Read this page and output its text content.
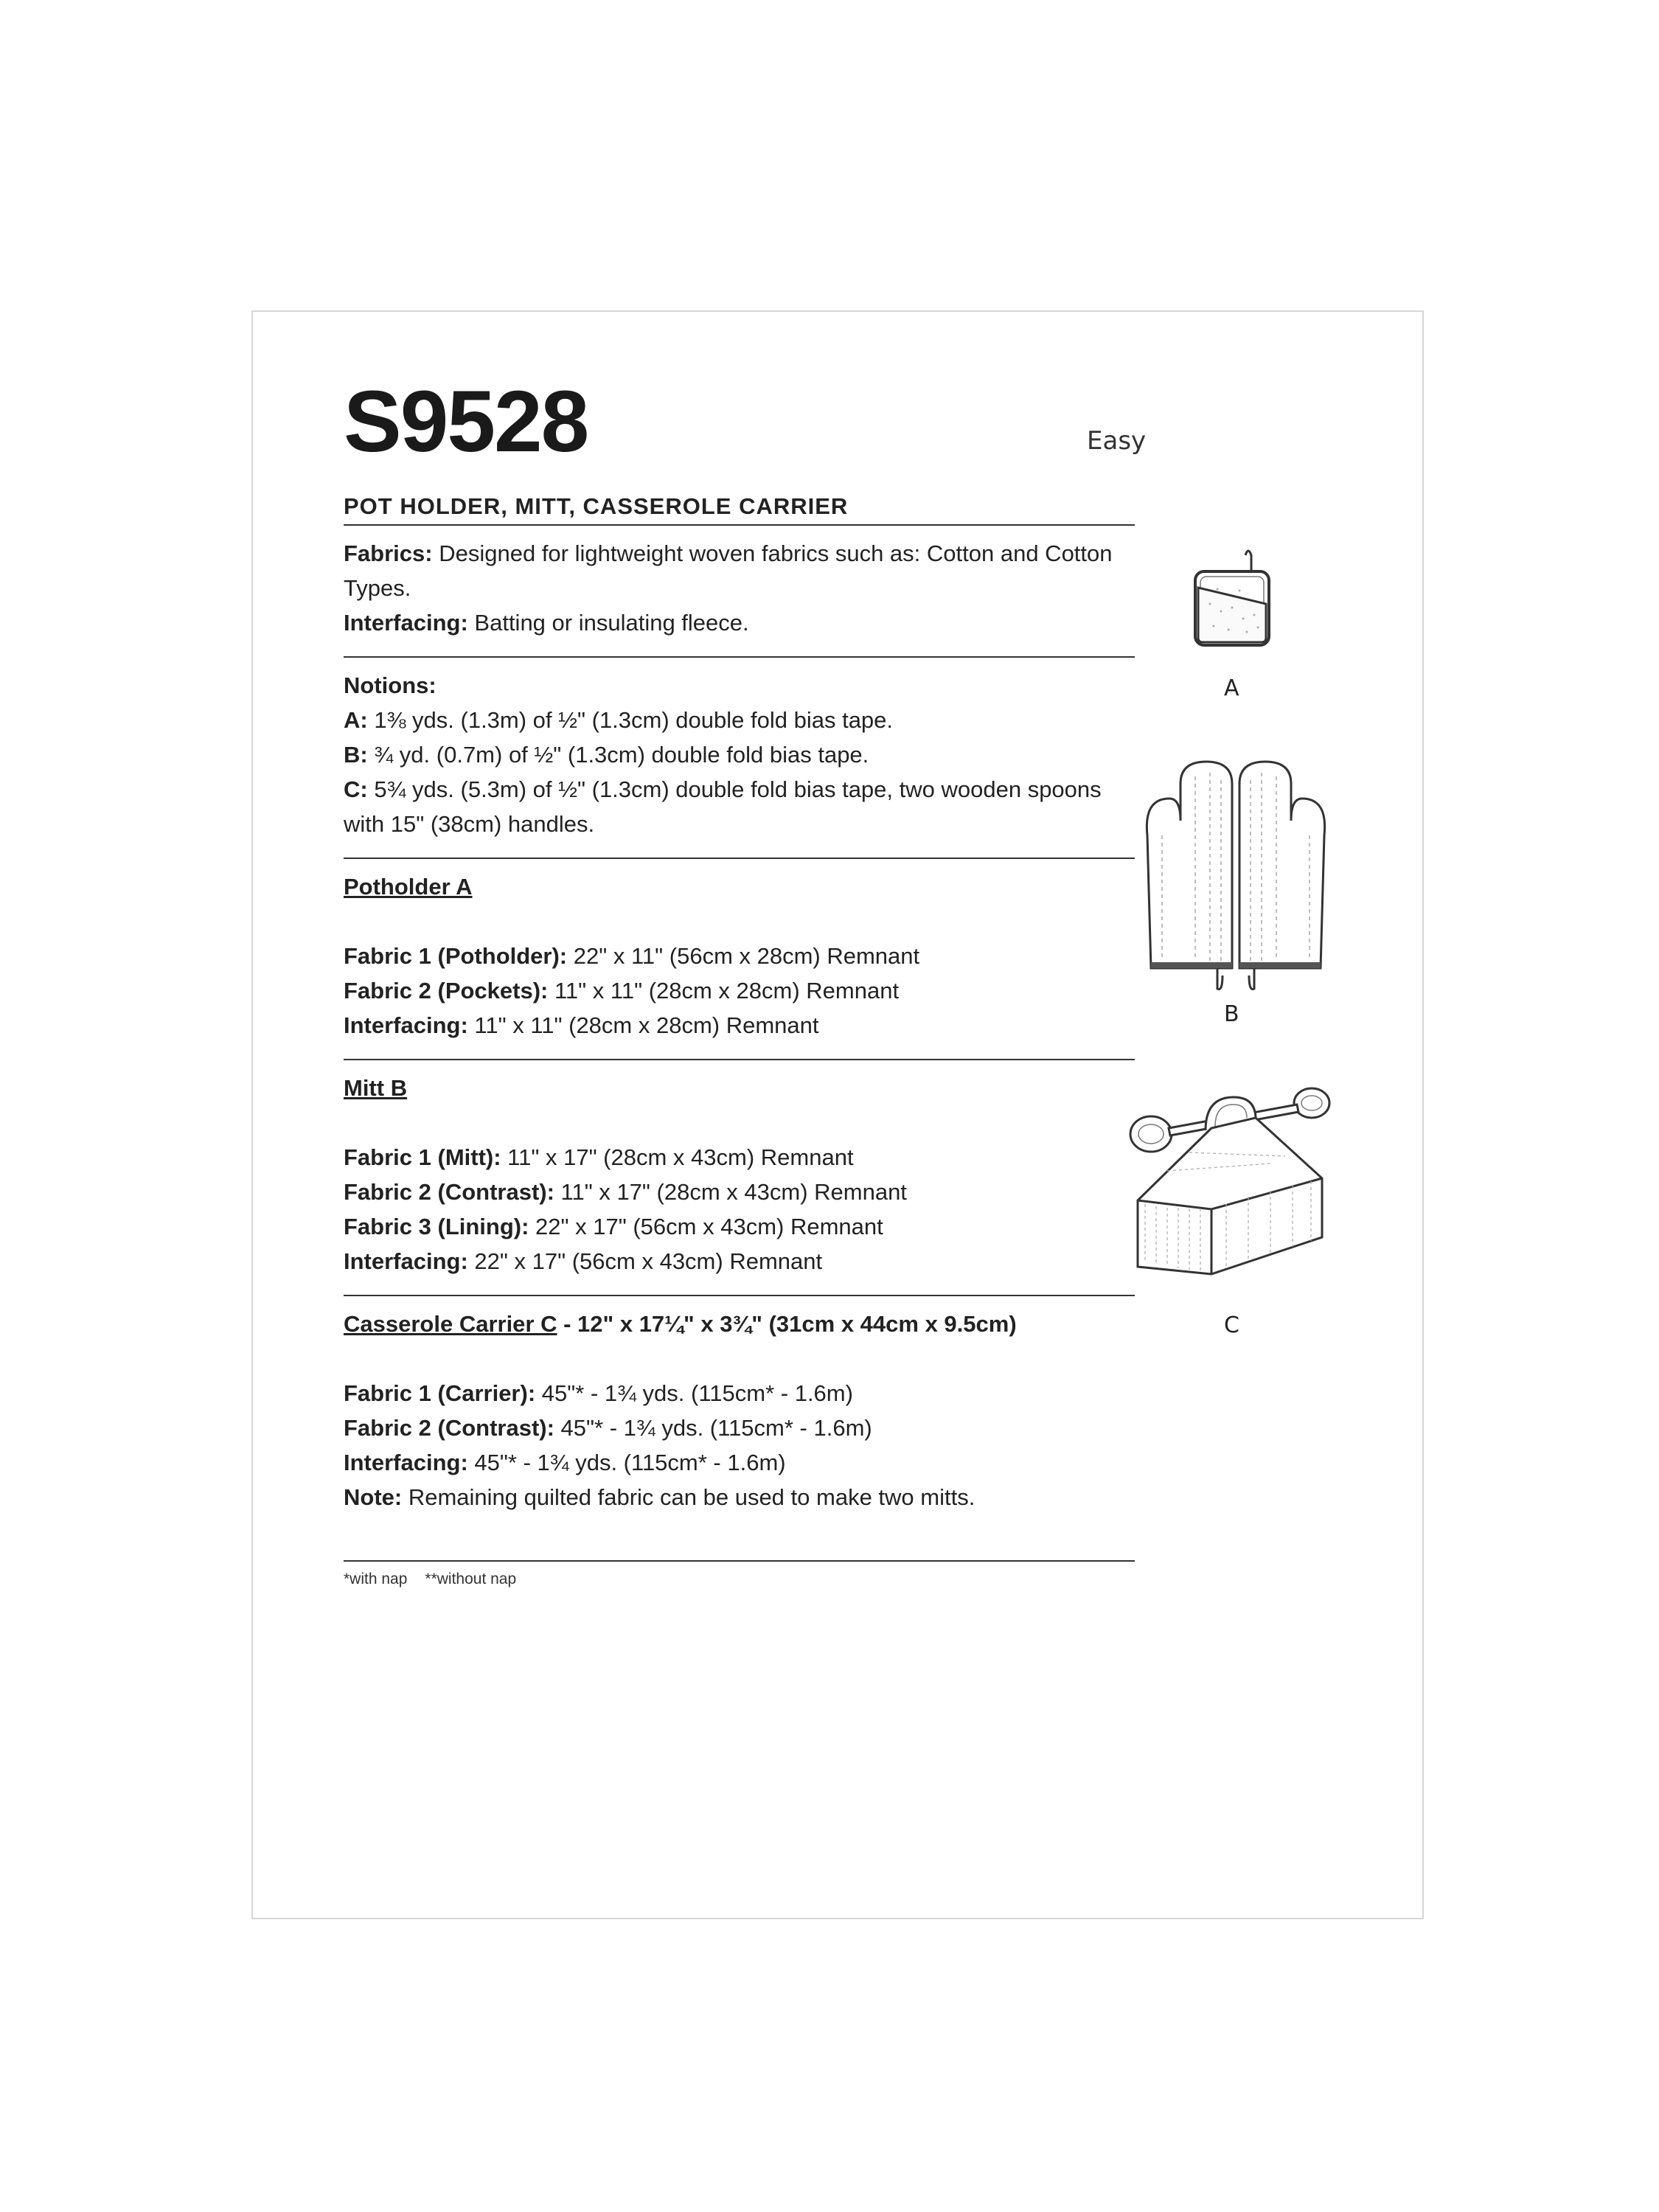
S9528
POT HOLDER, MITT, CASSEROLE CARRIER
Fabrics: Designed for lightweight woven fabrics such as: Cotton and Cotton Types.
Interfacing: Batting or insulating fleece.
Notions:
A: 1⅜ yds. (1.3m) of ½" (1.3cm) double fold bias tape.
B: ¾ yd. (0.7m) of ½" (1.3cm) double fold bias tape.
C: 5¾ yds. (5.3m) of ½" (1.3cm) double fold bias tape, two wooden spoons with 15" (38cm) handles.
Potholder A
Fabric 1 (Potholder): 22" x 11" (56cm x 28cm) Remnant
Fabric 2 (Pockets): 11" x 11" (28cm x 28cm) Remnant
Interfacing: 11" x 11" (28cm x 28cm) Remnant
Mitt B
Fabric 1 (Mitt): 11" x 17" (28cm x 43cm) Remnant
Fabric 2 (Contrast): 11" x 17" (28cm x 43cm) Remnant
Fabric 3 (Lining): 22" x 17" (56cm x 43cm) Remnant
Interfacing: 22" x 17" (56cm x 43cm) Remnant
Casserole Carrier C - 12" x 17¼" x 3¾" (31cm x 44cm x 9.5cm)
Fabric 1 (Carrier): 45"* - 1¾ yds. (115cm* - 1.6m)
Fabric 2 (Contrast): 45"* - 1¾ yds. (115cm* - 1.6m)
Interfacing: 45"* - 1¾ yds. (115cm* - 1.6m)
Note: Remaining quilted fabric can be used to make two mitts.
*with nap **without nap
Easy
A
B
C
